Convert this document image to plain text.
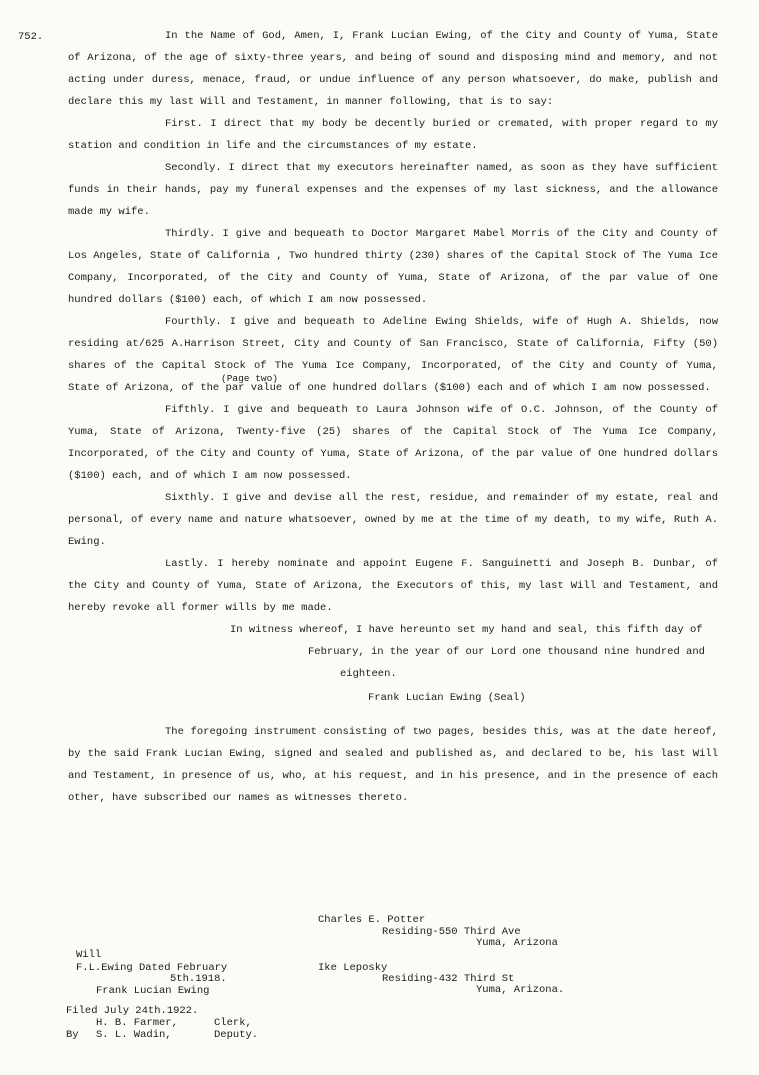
752.	In the Name of God, Amen, I, Frank Lucian Ewing, of the City and County of Yuma, State of Arizona, of the age of sixty-three years, and being of sound and disposing mind and memory, and not acting under duress, menace, fraud, or undue influence of any person whatsoever, do make, publish and declare this my last Will and Testament, in manner following, that is to say:

First. I direct that my body be decently buried or cremated, with proper regard to my station and condition in life and the circumstances of my estate.

Secondly. I direct that my executors hereinafter named, as soon as they have sufficient funds in their hands, pay my funeral expenses and the expenses of my last sickness, and the allowance made my wife.

Thirdly. I give and bequeath to Doctor Margaret Mabel Morris of the City and County of Los Angeles, State of California , Two hundred thirty (230) shares of the Capital Stock of The Yuma Ice Company, Incorporated, of the City and County of Yuma, State of Arizona, of the par value of One hundred dollars ($100) each, of which I am now possessed.

Fourthly. I give and bequeath to Adeline Ewing Shields, wife of Hugh A. Shields, now residing at/625 A.Harrison Street, City and County of San Francisco, State of California, Fifty (50) shares of the Capital Stock of The Yuma Ice Company, Incorporated, of the City and County of Yuma, State of Arizona, of the par value of one hundred dollars ($100) each and of which I am now possessed.

Fifthly. I give and bequeath to Laura Johnson wife of O.C. Johnson, of the County of Yuma, State of Arizona, Twenty-five (25) shares of the Capital Stock of The Yuma Ice Company, Incorporated, of the City and County of Yuma, State of Arizona, of the par value of One hundred dollars ($100) each, and of which I am now possessed.

Sixthly. I give and devise all the rest, residue, and remainder of my estate, real and personal, of every name and nature whatsoever, owned by me at the time of my death, to my wife, Ruth A. Ewing.

Lastly. I hereby nominate and appoint Eugene F. Sanguinetti and Joseph B. Dunbar, of the City and County of Yuma, State of Arizona, the Executors of this, my last Will and Testament, and hereby revoke all former wills by me made.

In witness whereof, I have hereunto set my hand and seal, this fifth day of

February, in the year of our Lord one thousand nine hundred and

eighteen.

Frank Lucian Ewing (Seal)

The foregoing instrument consisting of two pages, besides this, was at the date hereof, by the said Frank Lucian Ewing, signed and sealed and published as, and declared to be, his last Will and Testament, in presence of us, who, at his request, and in his presence, and in the presence of each other, have subscribed our names as witnesses thereto.

(Page two)
Charles E. Potter
Residing-550 Third Ave
Yuma, Arizona
Ike Leposky
Residing-432 Third St
Yuma, Arizona.
Will
F.L.Ewing Dated February
5th.1918.
Frank Lucian Ewing
Filed July 24th.1922.
H. B. Farmer,	Clerk,
By S. L. Wadin,	Deputy.
